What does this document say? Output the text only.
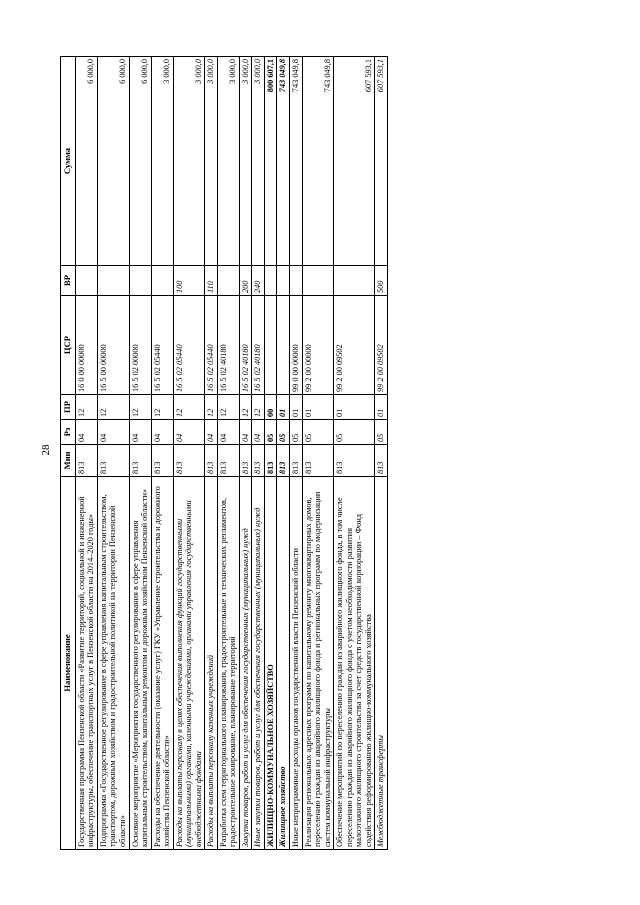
28
Наименование	Мин	Рз	ПР	ЦСР	ВР	Сумма
Государственная программа Пензенской области «Развитие территорий, социальной и инженерной инфраструктуры, обеспечение транспортных услуг в Пензенской области на 2014–2020 годы»	813	04	12	16 0 00 00000		6 000,0
Подпрограмма «Государственное регулирование в сфере управления капитальным строительством, транспортом, дорожным хозяйством и градостроительной политикой на территории Пензенской области»	813	04	12	16 5 00 00000		6 000,0
Основное мероприятие «Мероприятия государственного регулирования в сфере управления капитальным строительством, капитальным ремонтом и дорожным хозяйством Пензенской области»	813	04	12	16 5 02 00000		6 000,0
Расходы на обеспечение деятельности (оказание услуг) ГКУ «Управление строительства и дорожного хозяйства Пензенской области»	813	04	12	16 5 02 05440		3 000,0
Расходы на выплаты персоналу в целях обеспечения выполнения функций государственными (муниципальными) органами, казенными учреждениями, органами управления государственными внебюджетными фондами	813	04	12	16 5 02 05440	100	3 000,0
Расходы на выплаты персоналу казенных учреждений	813	04	12	16 5 02 05440	110	3 000,0
Разработка схем территориального планирования, градостроительные и технических регламентов, градостроительное зонирование, планирование территорий	813	04	12	16 5 02 40180		3 000,0
Закупка товаров, работ и услуг для обеспечения государственных (муниципальных) нужд	813	04	12	16 5 02 40180	200	3 000,0
Иные закупки товаров, работ и услуг для обеспечения государственных (муниципальных) нужд	813	04	12	16 5 02 40180	240	3 000,0
ЖИЛИЩНО-КОММУНАЛЬНОЕ ХОЗЯЙСТВО	813	05	00			800 607,1
Жилищное хозяйство	813	05	01			743 049,8
Иные непрограммные расходы органов государственной власти Пензенской области	813	05	01	99 0 00 00000		743 049,8
Реализация региональных адресных программ по капитальному ремонту многоквартирных домов, переселению граждан из аварийного жилищного фонда и региональных программ по модернизации систем коммунальной инфраструктуры	813	05	01	99 2 00 00000		743 049,8
Обеспечение мероприятий по переселению граждан из аварийного жилищного фонда, в том числе переселению граждан из аварийного жилищного фонда с учетом необходимости развития малоэтажного жилищного строительства за счет средств государственной корпорации – Фонд содействия реформированию жилищно-коммунального хозяйства	813	05	01	99 2 00 09502		607 593,1
Межбюджетные трансферты	813	05	01	99 2 00 09502	500	607 593,1
